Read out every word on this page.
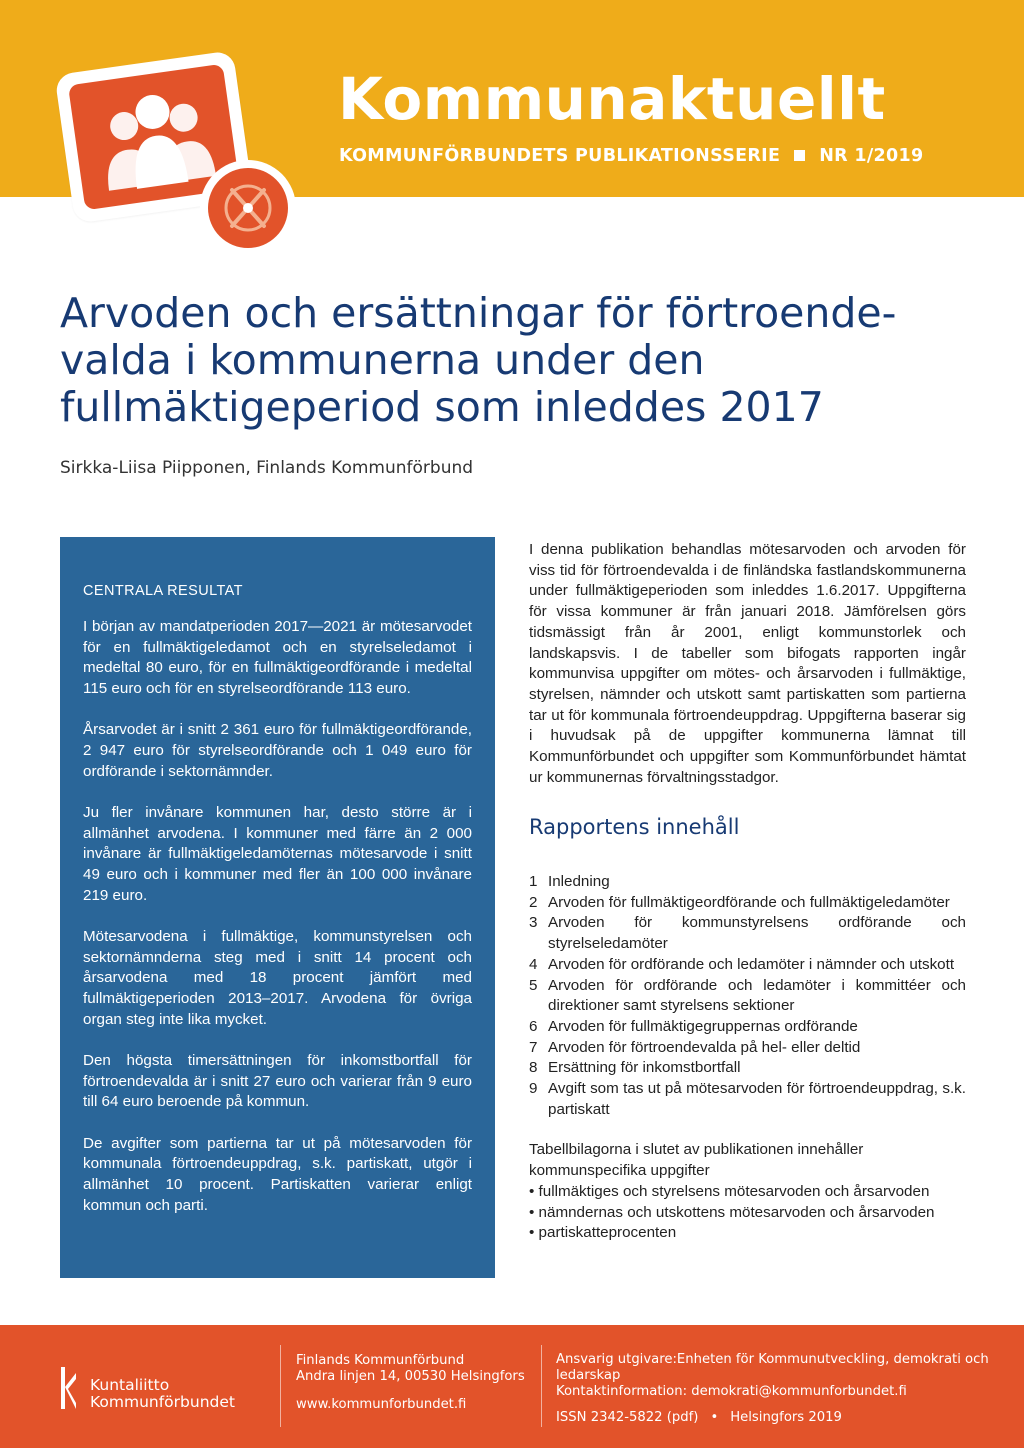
Kommunaktuellt
KOMMUNFÖRBUNDETS PUBLIKATIONSSERIE NR 1/2019
Arvoden och ersättningar för förtroende-
valda i kommunerna under den
fullmäktigeperiod som inleddes 2017
Sirkka-Liisa Piipponen, Finlands Kommunförbund
CENTRALA RESULTAT

I början av mandatperioden 2017—2021 är mötesarvodet för en fullmäktigeledamot och en styrelseledamot i medeltal 80 euro, för en fullmäktigeordförande i medeltal 115 euro och för en styrelseordförande 113 euro.

Årsarvodet är i snitt 2 361 euro för fullmäktigeordförande, 2 947 euro för styrelseordförande och 1 049 euro för ordförande i sektornämnder.

Ju fler invånare kommunen har, desto större är i allmänhet arvodena. I kommuner med färre än 2 000 invånare är fullmäktigeledamöternas mötesarvode i snitt 49 euro och i kommuner med fler än 100 000 invånare 219 euro.

Mötesarvodena i fullmäktige, kommunstyrelsen och sektornämnderna steg med i snitt 14 procent och årsarvodena med 18 procent jämfört med fullmäktigeperioden 2013–2017. Arvodena för övriga organ steg inte lika mycket.

Den högsta timersättningen för inkomstbortfall för förtroendevalda är i snitt 27 euro och varierar från 9 euro till 64 euro beroende på kommun.

De avgifter som partierna tar ut på mötesarvoden för kommunala förtroendeuppdrag, s.k. partiskatt, utgör i allmänhet 10 procent. Partiskatten varierar enligt kommun och parti.

I denna publikation behandlas mötesarvoden och arvoden för viss tid för förtroendevalda i de finländska fastlandskommunerna under fullmäktigeperioden som inleddes 1.6.2017. Uppgifterna för vissa kommuner är från januari 2018. Jämförelsen görs tidsmässigt från år 2001, enligt kommunstorlek och landskapsvis. I de tabeller som bifogats rapporten ingår kommunvisa uppgifter om mötes- och årsarvoden i fullmäktige, styrelsen, nämnder och utskott samt partiskatten som partierna tar ut för kommunala förtroendeuppdrag. Uppgifterna baserar sig i huvudsak på de uppgifter kommunerna lämnat till Kommunförbundet och uppgifter som Kommunförbundet hämtat ur kommunernas förvaltningsstadgor.

Rapportens innehåll
1 Inledning
2 Arvoden för fullmäktigeordförande och fullmäktigeledamöter
3 Arvoden för kommunstyrelsens ordförande och styrelseledamöter
4 Arvoden för ordförande och ledamöter i nämnder och utskott
5 Arvoden för ordförande och ledamöter i kommittéer och direktioner samt styrelsens sektioner
6 Arvoden för fullmäktigegruppernas ordförande
7 Arvoden för förtroendevalda på hel- eller deltid
8 Ersättning för inkomstbortfall
9 Avgift som tas ut på mötesarvoden för förtroendeuppdrag, s.k. partiskatt

Tabellbilagorna i slutet av publikationen innehåller kommunspecifika uppgifter

• fullmäktiges och styrelsens mötesarvoden och årsarvoden
• nämndernas och utskottens mötesarvoden och årsarvoden
• partiskatteprocenten
Kuntaliitto
Kommunförbundet
Finlands Kommunförbund
Andra linjen 14, 00530 Helsingfors
www.kommunforbundet.fi
Ansvarig utgivare:Enheten för Kommunutveckling, demokrati och ledarskap
Kontaktinformation: demokrati@kommunforbundet.fi
ISSN 2342-5822 (pdf) • Helsingfors 2019
